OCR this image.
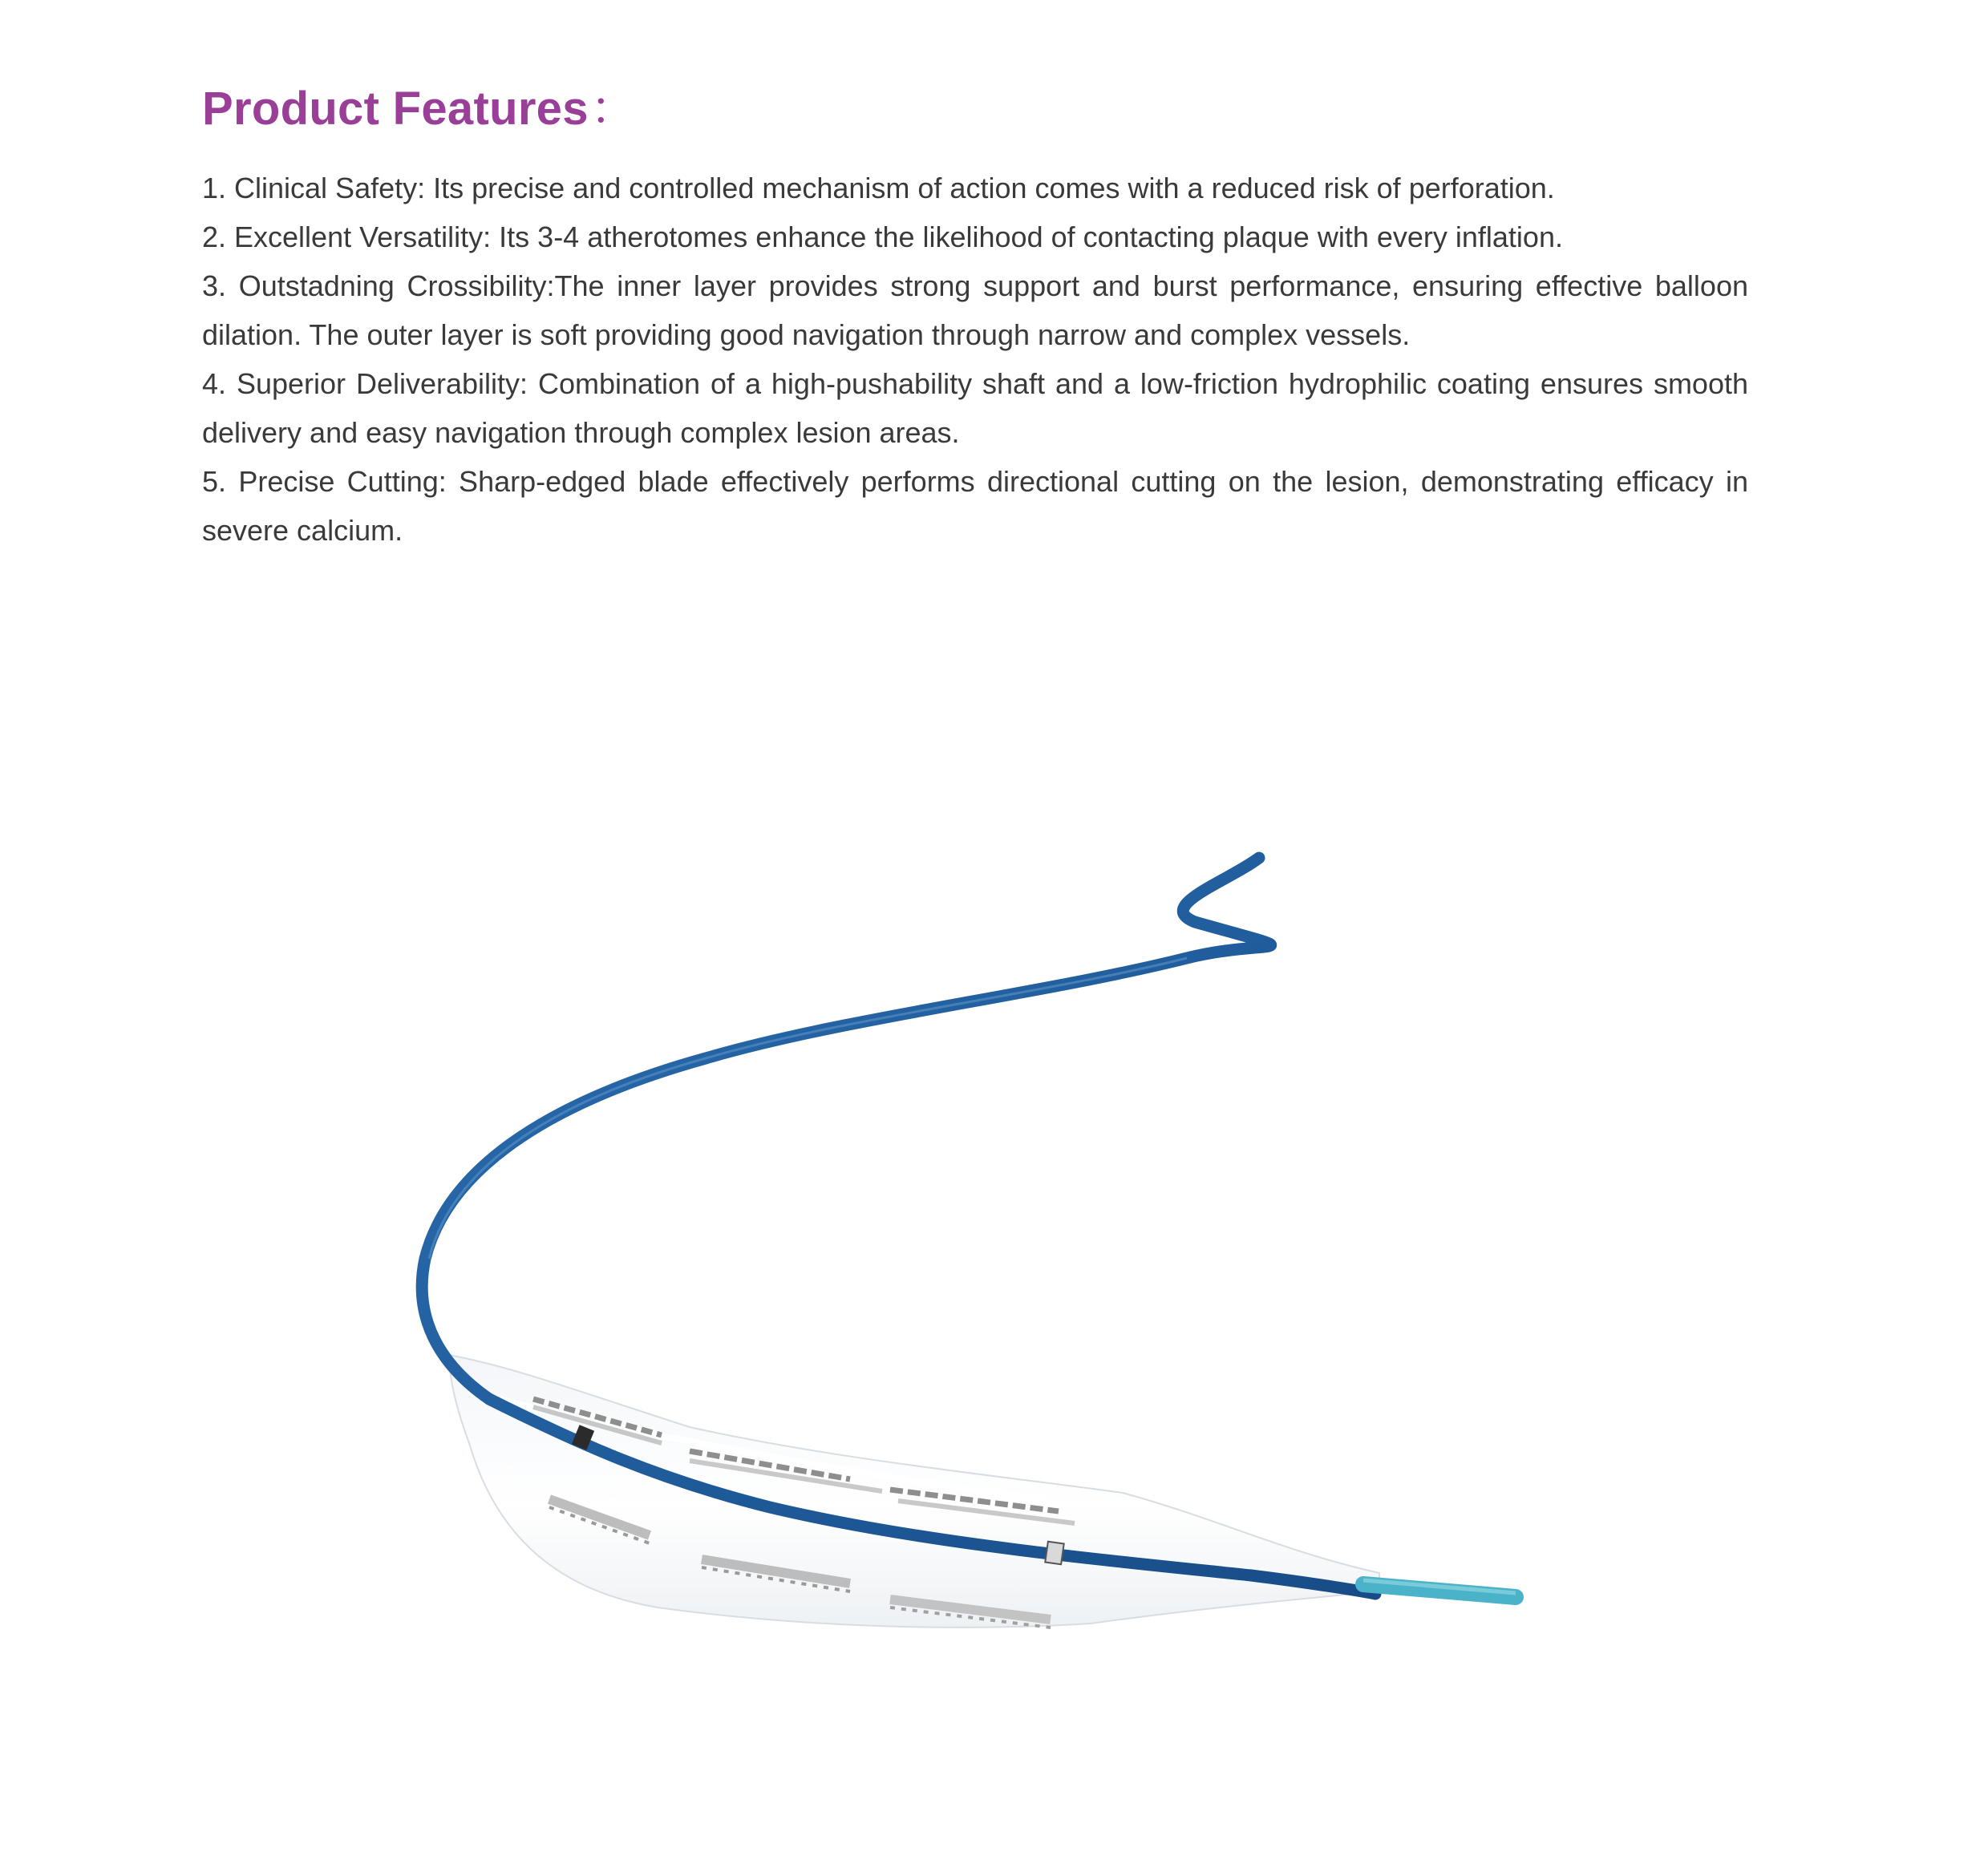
Product Features：
1. Clinical Safety: Its precise and controlled mechanism of action comes with a reduced risk of perforation.
2. Excellent Versatility: Its 3-4 atherotomes enhance the likelihood of contacting plaque with every inflation.
3. Outstadning Crossibility:The inner layer provides strong support and burst performance, ensuring effective balloon dilation. The outer layer is soft providing good navigation through narrow and complex vessels.
4. Superior Deliverability: Combination of a high-pushability shaft and a low-friction hydrophilic coating ensures smooth delivery and easy navigation through complex lesion areas.
5. Precise Cutting: Sharp-edged blade effectively performs directional cutting on the lesion, demonstrating efficacy in severe calcium.
